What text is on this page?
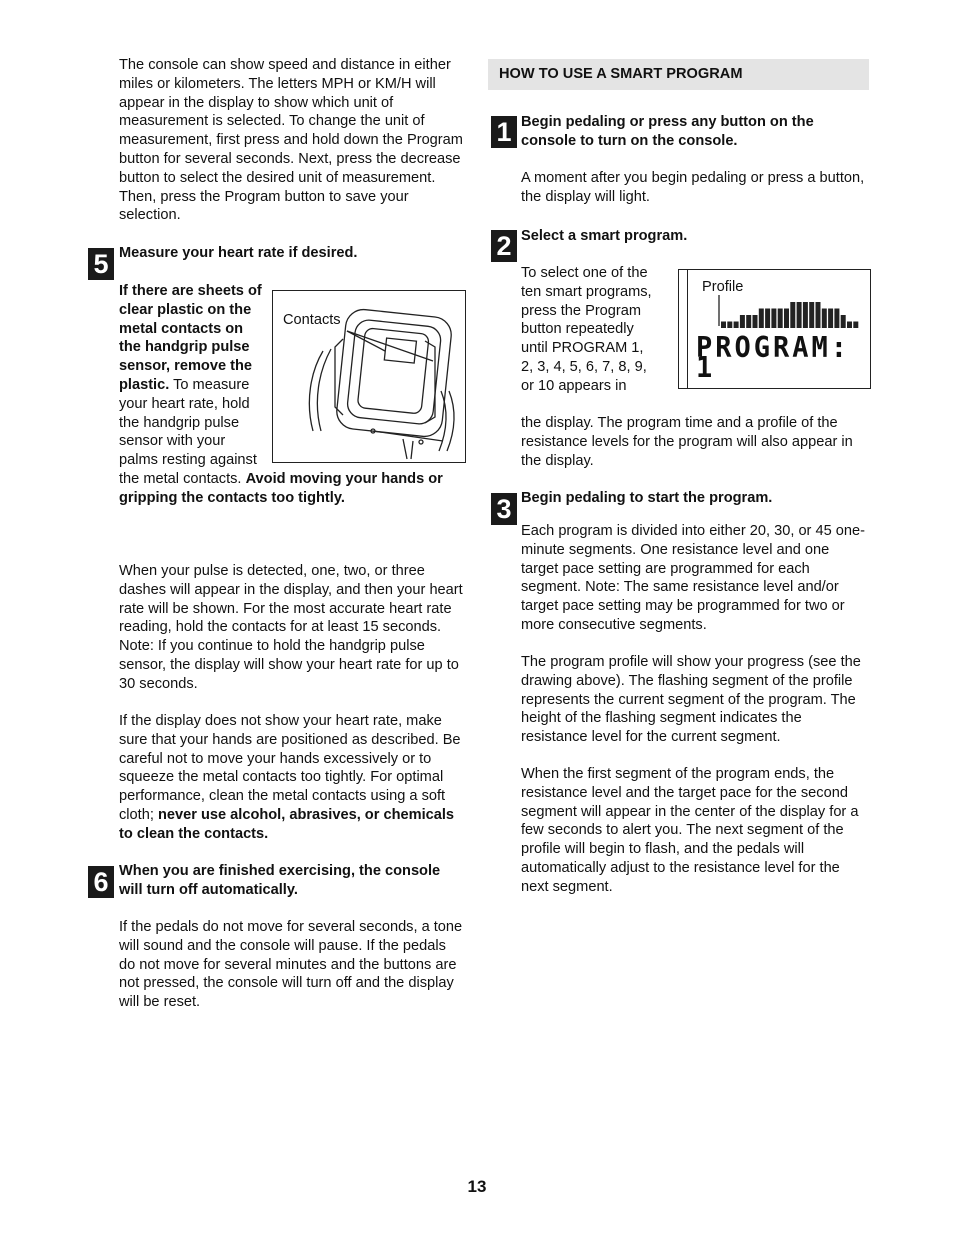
The console can show speed and distance in either miles or kilometers. The letters MPH or KM/H will appear in the display to show which unit of measurement is selected. To change the unit of measurement, first press and hold down the Program button for several seconds. Next, press the decrease button to select the desired unit of measurement. Then, press the Program button to save your selection.

5 Measure your heart rate if desired.

Contacts
If there are sheets of clear plastic on the metal contacts on the handgrip pulse sensor, remove the plastic. To measure your heart rate, hold the handgrip pulse sensor with your palms resting against the metal contacts. Avoid moving your hands or gripping the contacts too tightly.

When your pulse is detected, one, two, or three dashes will appear in the display, and then your heart rate will be shown. For the most accurate heart rate reading, hold the contacts for at least 15 seconds. Note: If you continue to hold the handgrip pulse sensor, the display will show your heart rate for up to 30 seconds.

If the display does not show your heart rate, make sure that your hands are positioned as described. Be careful not to move your hands excessively or to squeeze the metal contacts too tightly. For optimal performance, clean the metal contacts using a soft cloth; never use alcohol, abrasives, or chemicals to clean the contacts.

6 When you are finished exercising, the console will turn off automatically.

If the pedals do not move for several seconds, a tone will sound and the console will pause. If the pedals do not move for several minutes and the buttons are not pressed, the console will turn off and the display will be reset.

HOW TO USE A SMART PROGRAM
1 Begin pedaling or press any button on the console to turn on the console.

A moment after you begin pedaling or press a button, the display will light.

2 Select a smart program.

To select one of the ten smart programs, press the Program button repeatedly until PROGRAM 1, 2, 3, 4, 5, 6, 7, 8, 9, or 10 appears in

the display. The program time and a profile of the resistance levels for the program will also appear in the display.

Profile
PROGRAM: 1
3 Begin pedaling to start the program.

Each program is divided into either 20, 30, or 45 one-minute segments. One resistance level and one target pace setting are programmed for each segment. Note: The same resistance level and/or target pace setting may be programmed for two or more consecutive segments.

The program profile will show your progress (see the drawing above). The flashing segment of the profile represents the current segment of the program. The height of the flashing segment indicates the resistance level for the current segment.

When the first segment of the program ends, the resistance level and the target pace for the second segment will appear in the center of the display for a few seconds to alert you. The next segment of the profile will begin to flash, and the pedals will automatically adjust to the resistance level for the next segment.

13
